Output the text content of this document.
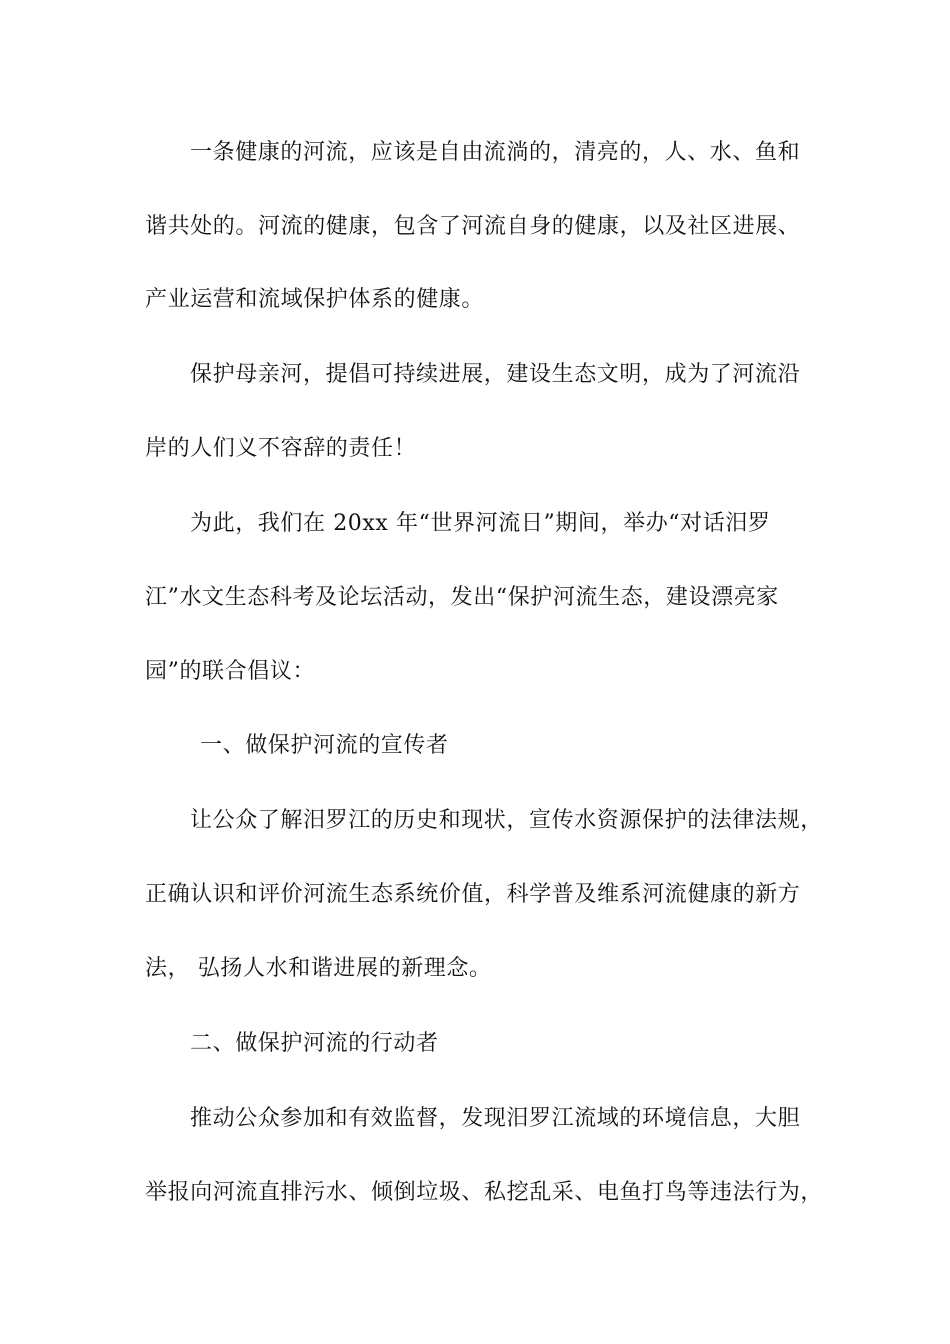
一条健康的河流，应该是自由流淌的，清亮的，人、水、鱼和
谐共处的。河流的健康，包含了河流自身的健康，以及社区进展、
产业运营和流域保护体系的健康。
保护母亲河，提倡可持续进展，建设生态文明，成为了河流沿
岸的人们义不容辞的责任！
为此，我们在 20xx 年“世界河流日”期间，举办“对话汨罗
江”水文生态科考及论坛活动，发出“保护河流生态，建设漂亮家
园”的联合倡议：
一、做保护河流的宣传者
让公众了解汨罗江的历史和现状，宣传水资源保护的法律法规，
正确认识和评价河流生态系统价值，科学普及维系河流健康的新方
法， 弘扬人水和谐进展的新理念。
二、做保护河流的行动者
推动公众参加和有效监督，发现汨罗江流域的环境信息，大胆
举报向河流直排污水、倾倒垃圾、私挖乱采、电鱼打鸟等违法行为，
